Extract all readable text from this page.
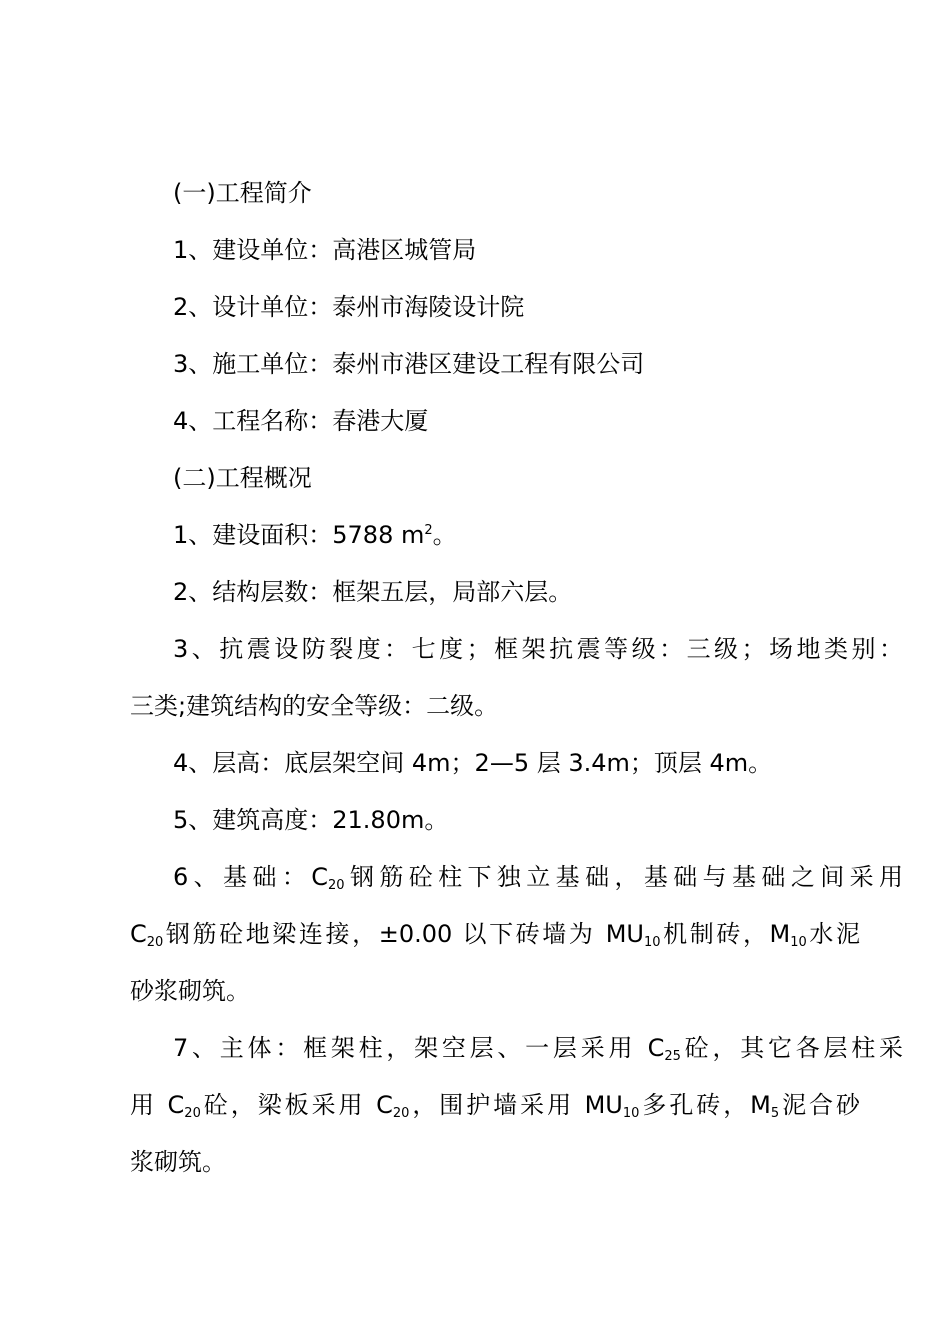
(一)工程简介
1、建设单位：高港区城管局
2、设计单位：泰州市海陵设计院
3、施工单位：泰州市港区建设工程有限公司
4、工程名称：春港大厦
(二)工程概况
1、建设面积：5788 $m^2$。
2、结构层数：框架五层，局部六层。
3、抗震设防裂度：七度；框架抗震等级：三级；场地类别：
三类;建筑结构的安全等级：二级。
4、层高：底层架空间 4m；2—5 层 3.4m；顶层 4m。
5、建筑高度：21.80m。
6、基础：$C_{20}$钢筋砼柱下独立基础，基础与基础之间采用
$C_{20}$钢筋砼地梁连接，±0.00 以下砖墙为 $MU_{10}$机制砖，$M_{10}$水泥
砂浆砌筑。
7、主体：框架柱，架空层、一层采用 $C_{25}$砼，其它各层柱采
用 $C_{20}$砼，梁板采用 $C_{20}$，围护墙采用 $MU_{10}$多孔砖，$M_5$泥合砂
浆砌筑。
